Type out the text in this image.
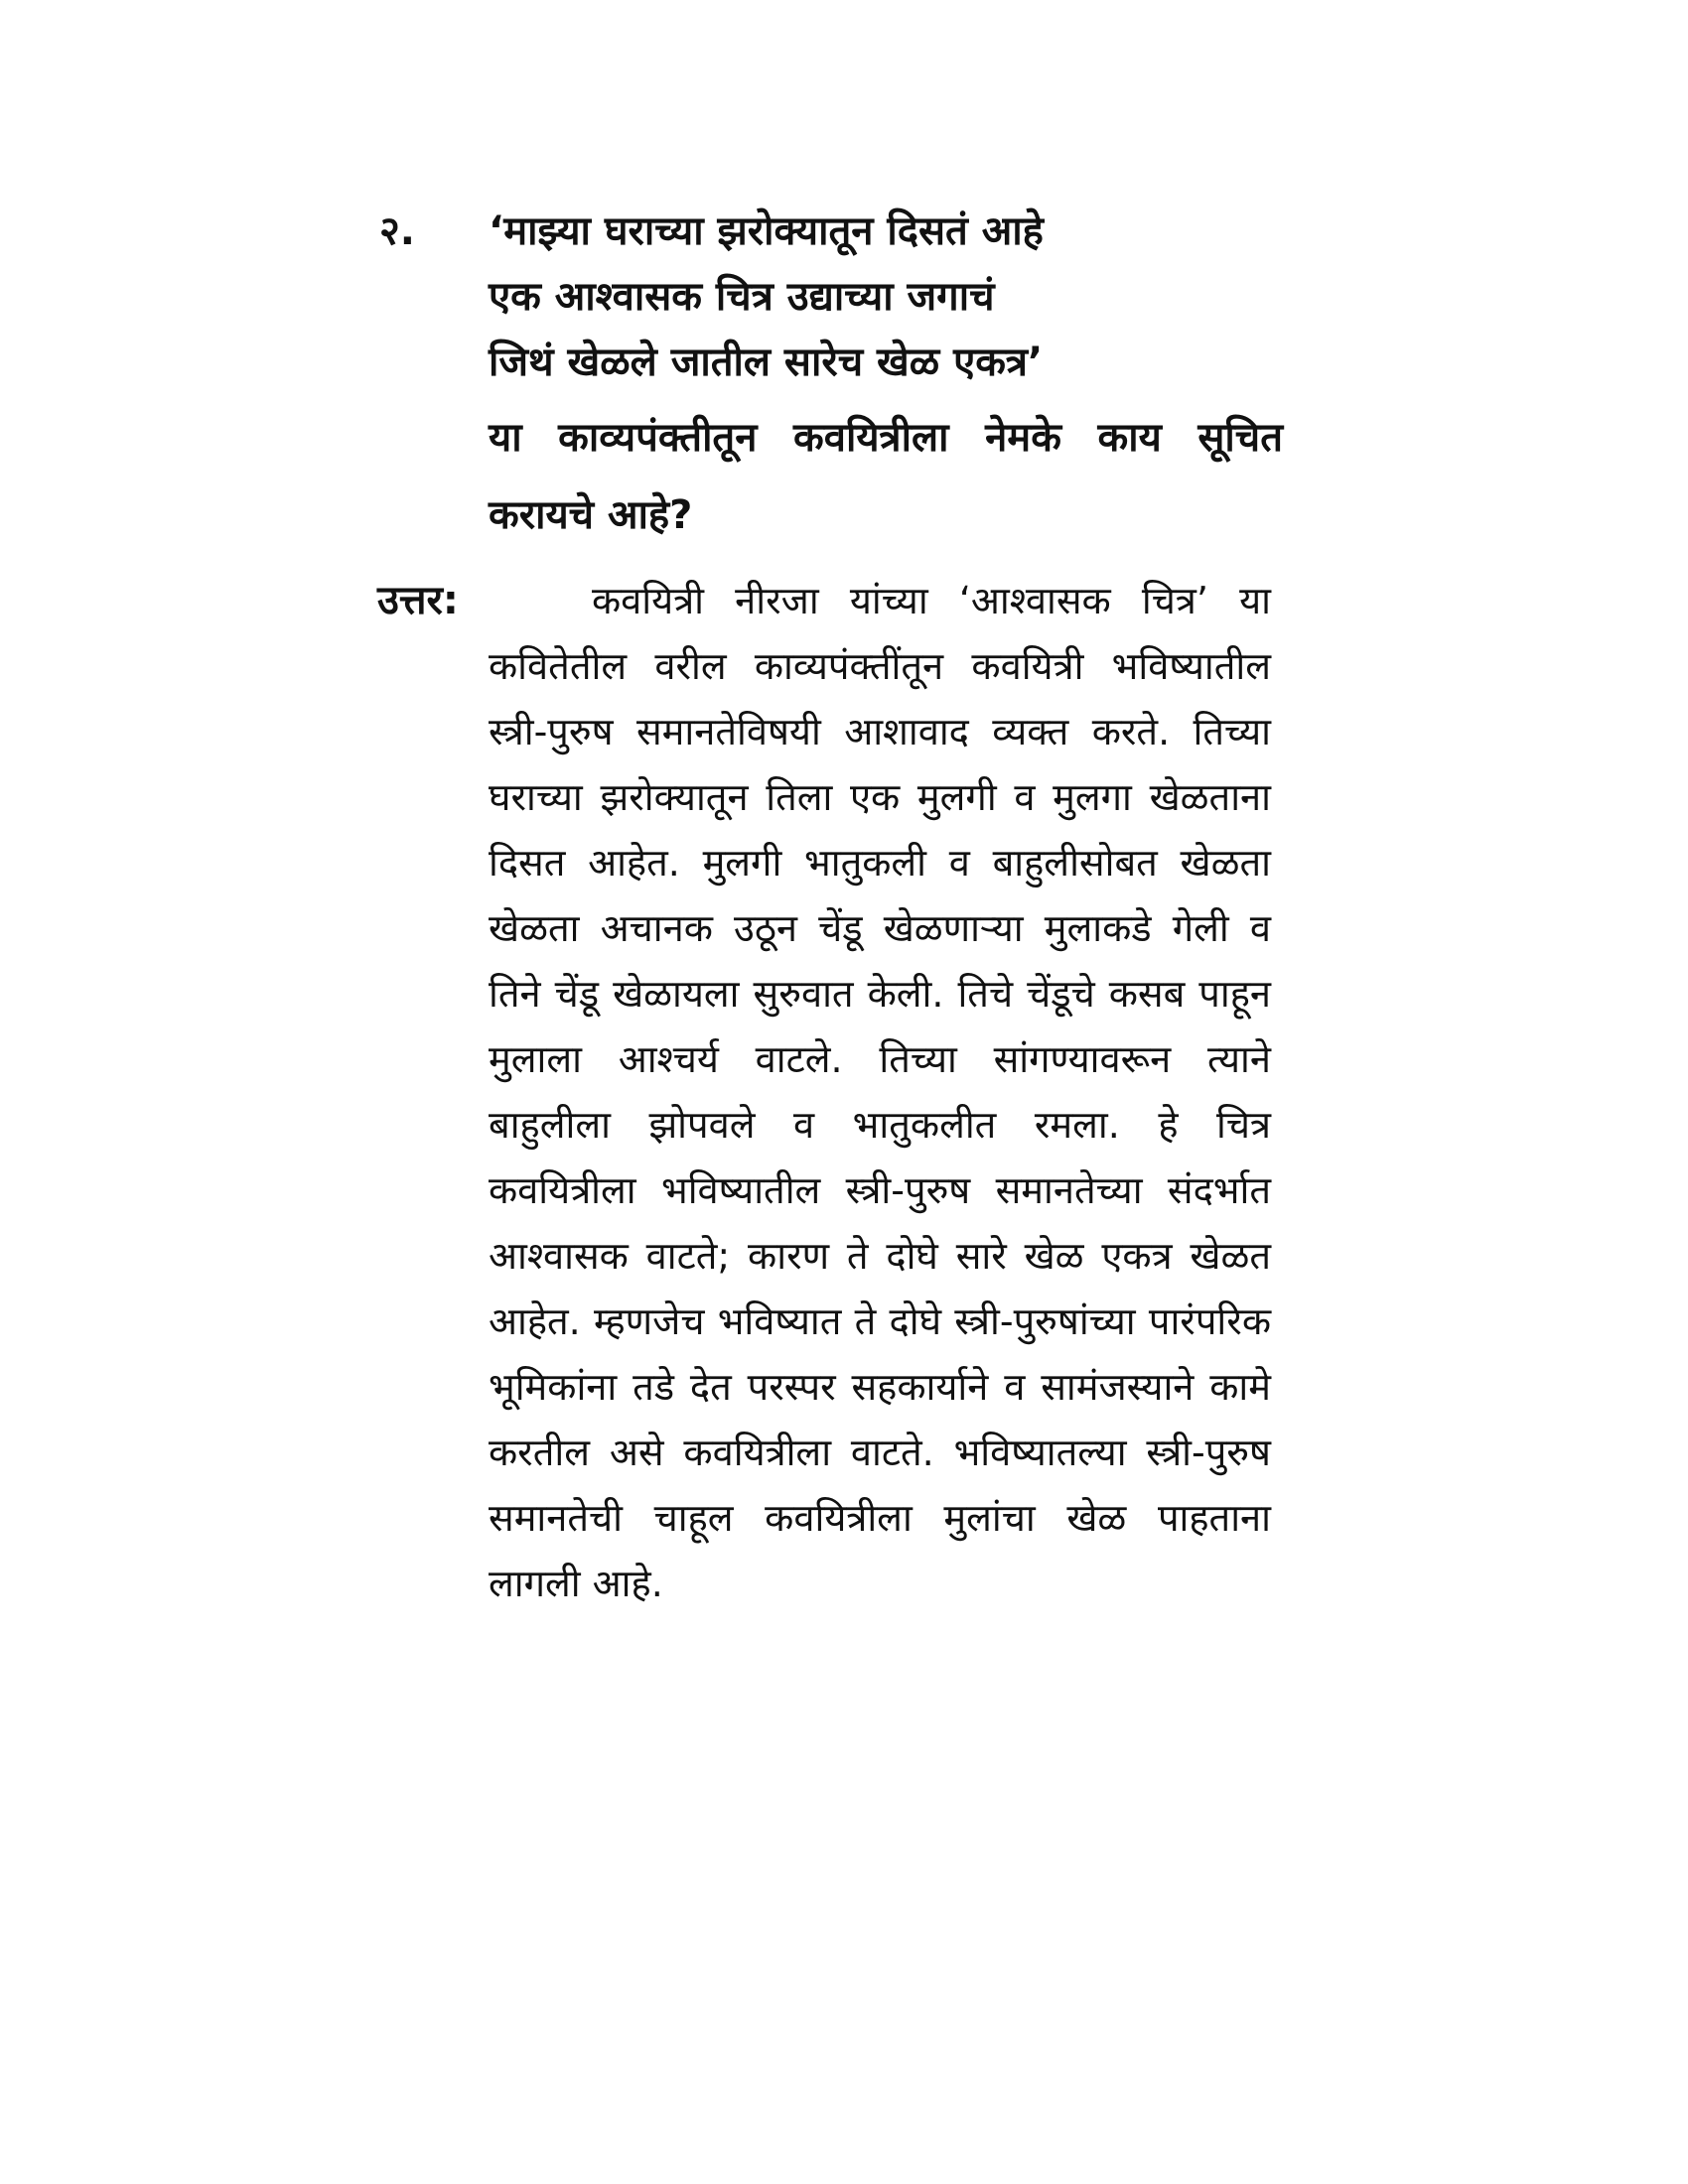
२. ‘माझ्या घराच्या झरोक्यातून दिसतं आहे
एक आश्वासक चित्र उद्याच्या जगाचं
जिथं खेळले जातील सारेच खेळ एकत्र’
या काव्यपंक्तीतून कवयित्रीला नेमके काय सूचित करायचे आहे?
उत्तर:	कवयित्री नीरजा यांच्या ‘आश्वासक चित्र’ या कवितेतील वरील काव्यपंक्तींतून कवयित्री भविष्यातील स्त्री-पुरुष समानतेविषयी आशावाद व्यक्त करते. तिच्या घराच्या झरोक्यातून तिला एक मुलगी व मुलगा खेळताना दिसत आहेत. मुलगी भातुकली व बाहुलीसोबत खेळता खेळता अचानक उठून चेंडू खेळणाऱ्या मुलाकडे गेली व तिने चेंडू खेळायला सुरुवात केली. तिचे चेंडूचे कसब पाहून मुलाला आश्चर्य वाटले. तिच्या सांगण्यावरून त्याने बाहुलीला झोपवले व भातुकलीत रमला. हे चित्र कवयित्रीला भविष्यातील स्त्री-पुरुष समानतेच्या संदर्भात आश्वासक वाटते; कारण ते दोघे सारे खेळ एकत्र खेळत आहेत. म्हणजेच भविष्यात ते दोघे स्त्री-पुरुषांच्या पारंपरिक भूमिकांना तडे देत परस्पर सहकार्याने व सामंजस्याने कामे करतील असे कवयित्रीला वाटते. भविष्यातल्या स्त्री-पुरुष समानतेची चाहूल कवयित्रीला मुलांचा खेळ पाहताना लागली आहे.
